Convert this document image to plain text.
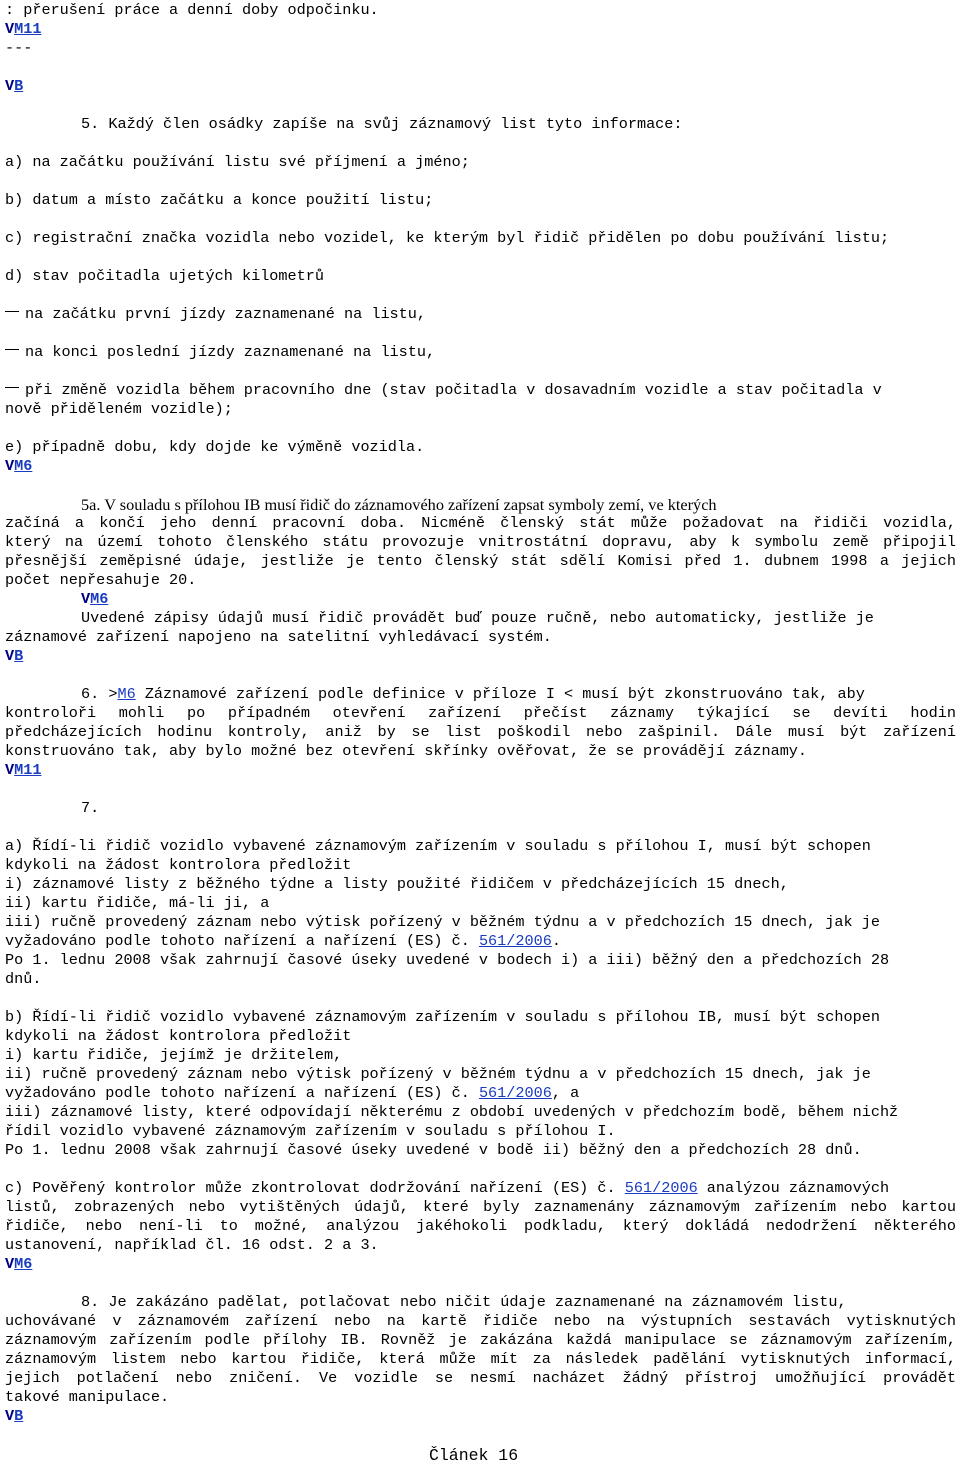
: přerušení práce a denní doby odpočinku.
VM11
---
VB
5. Každý člen osádky zapíše na svůj záznamový list tyto informace:
a) na začátku používání listu své příjmení a jméno;
b) datum a místo začátku a konce použití listu;
c) registrační značka vozidla nebo vozidel, ke kterým byl řidič přidělen po dobu používání listu;
d) stav počitadla ujetých kilometrů
na začátku první jízdy zaznamenané na listu,
na konci poslední jízdy zaznamenané na listu,
při změně vozidla během pracovního dne (stav počitadla v dosavadním vozidle a stav počitadla v
nově přiděleném vozidle);
e) případně dobu, kdy dojde ke výměně vozidla.
VM6
5a. V souladu s přílohou IB musí řidič do záznamového zařízení zapsat symboly zemí, ve kterých
začíná a končí jeho denní pracovní doba. Nicméně členský stát může požadovat na řidiči vozidla,
který na území tohoto členského státu provozuje vnitrostátní dopravu, aby k symbolu země připojil
přesnější zeměpisné údaje, jestliže je tento členský stát sdělí Komisi před 1. dubnem 1998 a jejich
počet nepřesahuje 20.
VM6
Uvedené zápisy údajů musí řidič provádět buď pouze ručně, nebo automaticky, jestliže je
záznamové zařízení napojeno na satelitní vyhledávací systém.
VB
6. >M6 Záznamové zařízení podle definice v příloze I < musí být zkonstruováno tak, aby
kontroloři mohli po případném otevření zařízení přečíst záznamy týkající se devíti hodin
předcházejících hodinu kontroly, aniž by se list poškodil nebo zašpinil. Dále musí být zařízení
konstruováno tak, aby bylo možné bez otevření skřínky ověřovat, že se provádějí záznamy.
VM11
7.
a) Řídí-li řidič vozidlo vybavené záznamovým zařízením v souladu s přílohou I, musí být schopen
kdykoli na žádost kontrolora předložit
i) záznamové listy z běžného týdne a listy použité řidičem v předcházejících 15 dnech,
ii) kartu řidiče, má-li ji, a
iii) ručně provedený záznam nebo výtisk pořízený v běžném týdnu a v předchozích 15 dnech, jak je
vyžadováno podle tohoto nařízení a nařízení (ES) č. 561/2006.
Po 1. lednu 2008 však zahrnují časové úseky uvedené v bodech i) a iii) běžný den a předchozích 28
dnů.
b) Řídí-li řidič vozidlo vybavené záznamovým zařízením v souladu s přílohou IB, musí být schopen
kdykoli na žádost kontrolora předložit
i) kartu řidiče, jejímž je držitelem,
ii) ručně provedený záznam nebo výtisk pořízený v běžném týdnu a v předchozích 15 dnech, jak je
vyžadováno podle tohoto nařízení a nařízení (ES) č. 561/2006, a
iii) záznamové listy, které odpovídají některému z období uvedených v předchozím bodě, během nichž
řídil vozidlo vybavené záznamovým zařízením v souladu s přílohou I.
Po 1. lednu 2008 však zahrnují časové úseky uvedené v bodě ii) běžný den a předchozích 28 dnů.
c) Pověřený kontrolor může zkontrolovat dodržování nařízení (ES) č. 561/2006 analýzou záznamových
listů, zobrazených nebo vytištěných údajů, které byly zaznamenány záznamovým zařízením nebo kartou
řidiče, nebo není-li to možné, analýzou jakéhokoli podkladu, který dokládá nedodržení některého
ustanovení, například čl. 16 odst. 2 a 3.
VM6
8. Je zakázáno padělat, potlačovat nebo ničit údaje zaznamenané na záznamovém listu,
uchovávané v záznamovém zařízení nebo na kartě řidiče nebo na výstupních sestavách vytisknutých
záznamovým zařízením podle přílohy IB. Rovněž je zakázána každá manipulace se záznamovým zařízením,
záznamovým listem nebo kartou řidiče, která může mít za následek padělání vytisknutých informací,
jejich potlačení nebo zničení. Ve vozidle se nesmí nacházet žádný přístroj umožňující provádět
takové manipulace.
VB
Článek 16
